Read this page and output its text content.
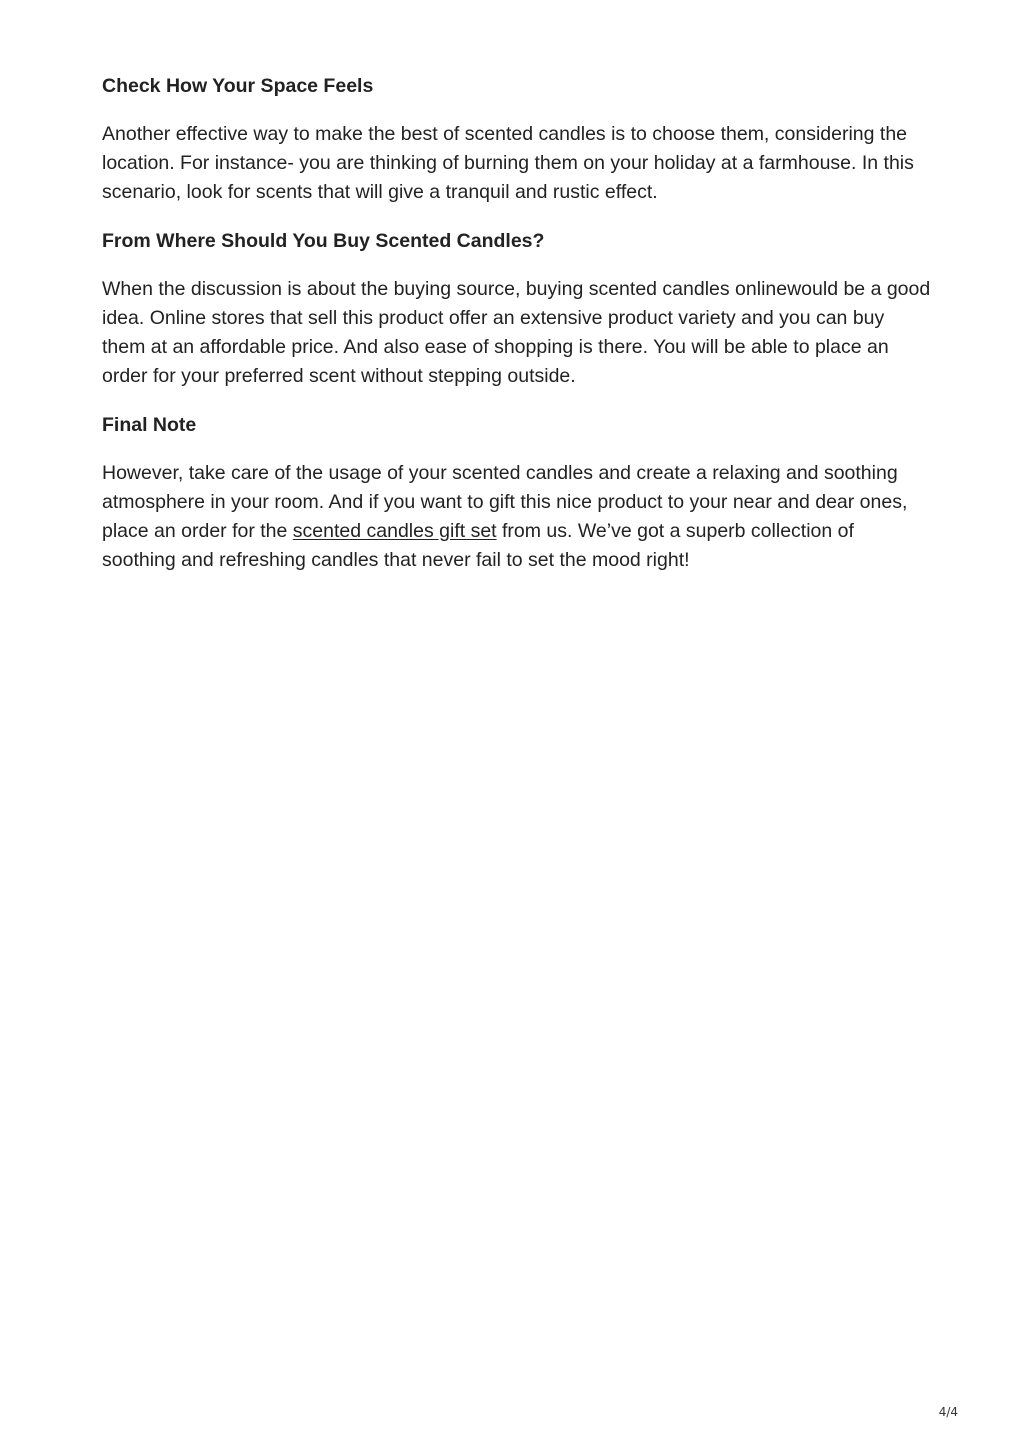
Check How Your Space Feels

Another effective way to make the best of scented candles is to choose them, considering the location. For instance- you are thinking of burning them on your holiday at a farmhouse. In this scenario, look for scents that will give a tranquil and rustic effect.

From Where Should You Buy Scented Candles?

When the discussion is about the buying source, buying scented candles onlinewould be a good idea. Online stores that sell this product offer an extensive product variety and you can buy them at an affordable price. And also ease of shopping is there. You will be able to place an order for your preferred scent without stepping outside.

Final Note

However, take care of the usage of your scented candles and create a relaxing and soothing atmosphere in your room. And if you want to gift this nice product to your near and dear ones, place an order for the scented candles gift set from us. We’ve got a superb collection of soothing and refreshing candles that never fail to set the mood right!

4/4
